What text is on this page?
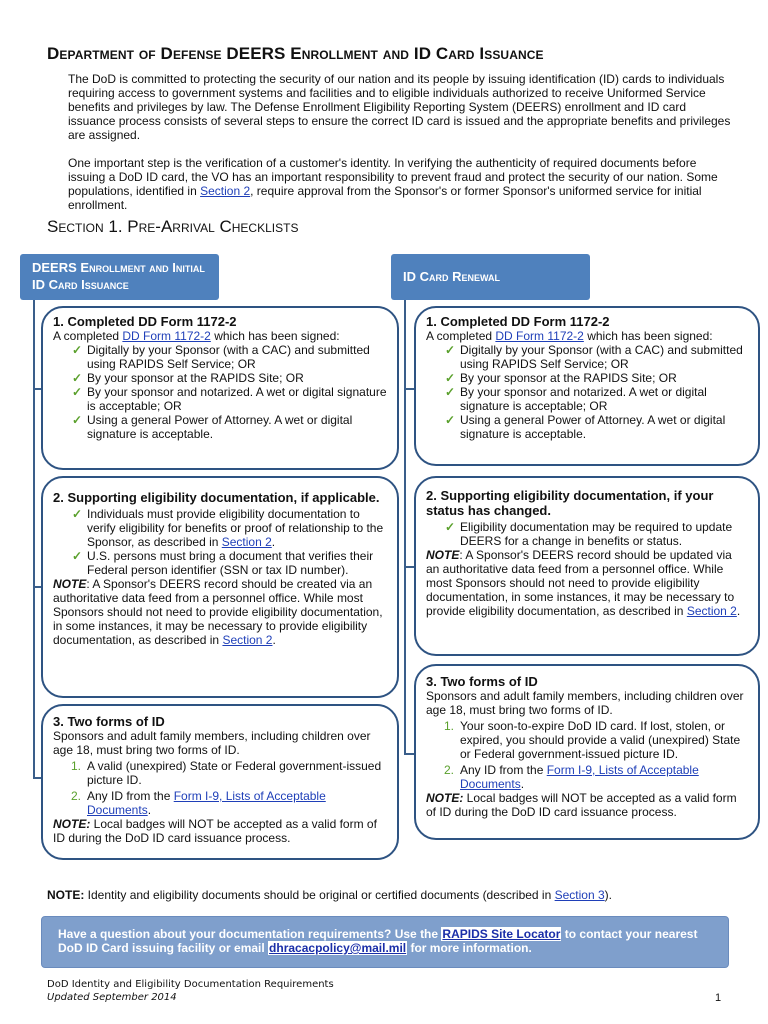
Department of Defense DEERS Enrollment and ID Card Issuance

The DoD is committed to protecting the security of our nation and its people by issuing identification (ID) cards to individuals requiring access to government systems and facilities and to eligible individuals authorized to receive Uniformed Service benefits and privileges by law. The Defense Enrollment Eligibility Reporting System (DEERS) enrollment and ID card issuance process consists of several steps to ensure the correct ID card is issued and the appropriate benefits and privileges are assigned.

One important step is the verification of a customer's identity. In verifying the authenticity of required documents before issuing a DoD ID card, the VO has an important responsibility to prevent fraud and protect the security of our nation. Some populations, identified in Section 2, require approval from the Sponsor's or former Sponsor's uniformed service for initial enrollment.

Section 1. Pre-Arrival Checklists
DEERS Enrollment and Initial ID Card Issuance
ID Card Renewal
1. Completed DD Form 1172-2
A completed DD Form 1172-2 which has been signed:
✓ Digitally by your Sponsor (with a CAC) and submitted using RAPIDS Self Service; OR
✓ By your sponsor at the RAPIDS Site; OR
✓ By your sponsor and notarized. A wet or digital signature is acceptable; OR
✓ Using a general Power of Attorney. A wet or digital signature is acceptable.
2. Supporting eligibility documentation, if applicable.
✓ Individuals must provide eligibility documentation to verify eligibility for benefits or proof of relationship to the Sponsor, as described in Section 2.
✓ U.S. persons must bring a document that verifies their Federal person identifier (SSN or tax ID number).
NOTE: A Sponsor's DEERS record should be created via an authoritative data feed from a personnel office. While most Sponsors should not need to provide eligibility documentation, in some instances, it may be necessary to provide eligibility documentation, as described in Section 2.
3. Two forms of ID
Sponsors and adult family members, including children over age 18, must bring two forms of ID.
1. A valid (unexpired) State or Federal government-issued picture ID.
2. Any ID from the Form I-9, Lists of Acceptable Documents.
NOTE: Local badges will NOT be accepted as a valid form of ID during the DoD ID card issuance process.
1. Completed DD Form 1172-2
A completed DD Form 1172-2 which has been signed:
✓ Digitally by your Sponsor (with a CAC) and submitted using RAPIDS Self Service; OR
✓ By your sponsor at the RAPIDS Site; OR
✓ By your sponsor and notarized. A wet or digital signature is acceptable; OR
✓ Using a general Power of Attorney. A wet or digital signature is acceptable.
2. Supporting eligibility documentation, if your status has changed.
✓ Eligibility documentation may be required to update DEERS for a change in benefits or status.
NOTE: A Sponsor's DEERS record should be updated via an authoritative data feed from a personnel office. While most Sponsors should not need to provide eligibility documentation, in some instances, it may be necessary to provide eligibility documentation, as described in Section 2.
3. Two forms of ID
Sponsors and adult family members, including children over age 18, must bring two forms of ID.
1. Your soon-to-expire DoD ID card. If lost, stolen, or expired, you should provide a valid (unexpired) State or Federal government-issued picture ID.
2. Any ID from the Form I-9, Lists of Acceptable Documents.
NOTE: Local badges will NOT be accepted as a valid form of ID during the DoD ID card issuance process.
NOTE: Identity and eligibility documents should be original or certified documents (described in Section 3).
Have a question about your documentation requirements? Use the RAPIDS Site Locator to contact your nearest DoD ID Card issuing facility or email dhracacpolicy@mail.mil for more information.
DoD Identity and Eligibility Documentation Requirements
Updated September 2014	1
